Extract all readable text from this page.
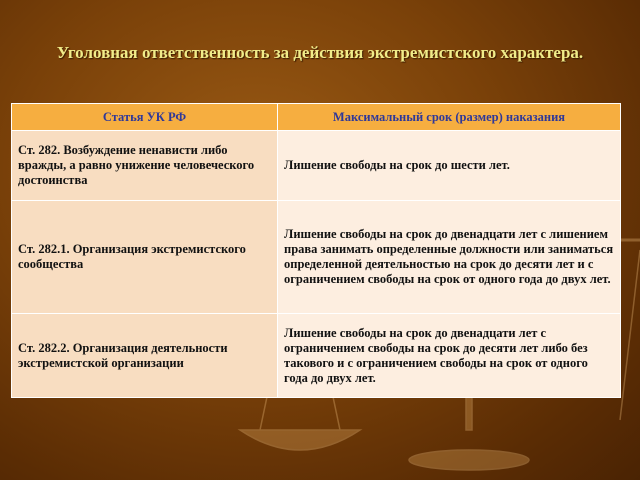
Уголовная ответственность за действия экстремистского характера.
Статья УК РФ	Максимальный срок (размер) наказания
Ст. 282. Возбуждение ненависти либо вражды, а равно унижение человеческого достоинства	Лишение свободы на срок до шести лет.
Ст. 282.1. Организация экстремистского сообщества	Лишение свободы на срок до двенадцати лет с лишением права занимать определенные должности или заниматься определенной деятельностью на срок до десяти лет и с ограничением свободы на срок от одного года до двух лет.
Ст. 282.2. Организация деятельности экстремистской организации	Лишение свободы на срок до двенадцати лет с ограничением свободы на срок до десяти лет либо без такового и с ограничением свободы на срок от одного года до двух лет.
